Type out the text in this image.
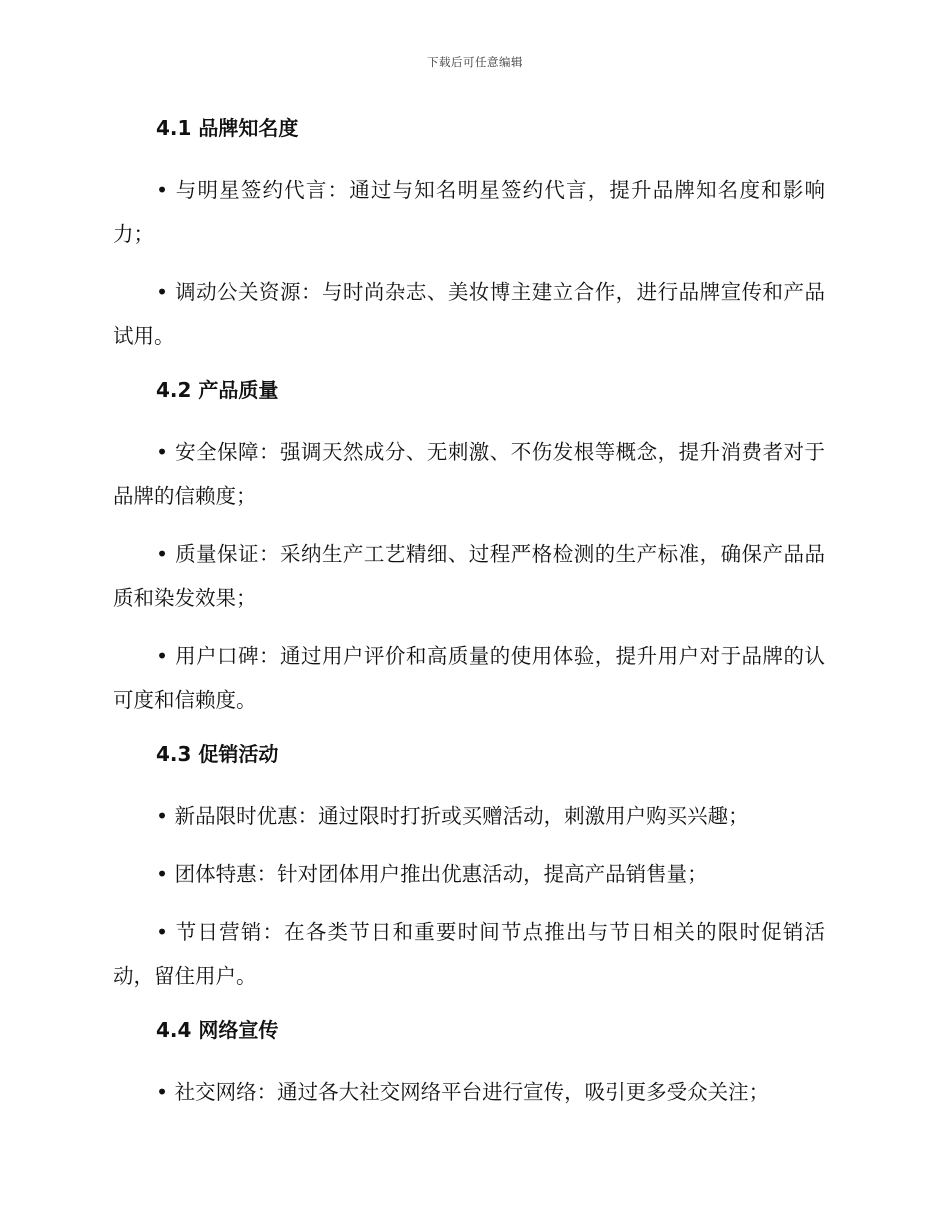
下载后可任意编辑
4.1 品牌知名度

• 与明星签约代言：通过与知名明星签约代言，提升品牌知名度和影响力；

• 调动公关资源：与时尚杂志、美妆博主建立合作，进行品牌宣传和产品试用。

4.2 产品质量

• 安全保障：强调天然成分、无刺激、不伤发根等概念，提升消费者对于品牌的信赖度；

• 质量保证：采纳生产工艺精细、过程严格检测的生产标准，确保产品品质和染发效果；

• 用户口碑：通过用户评价和高质量的使用体验，提升用户对于品牌的认可度和信赖度。

4.3 促销活动

• 新品限时优惠：通过限时打折或买赠活动，刺激用户购买兴趣；

• 团体特惠：针对团体用户推出优惠活动，提高产品销售量；

• 节日营销：在各类节日和重要时间节点推出与节日相关的限时促销活动，留住用户。

4.4 网络宣传

• 社交网络：通过各大社交网络平台进行宣传，吸引更多受众关注；
